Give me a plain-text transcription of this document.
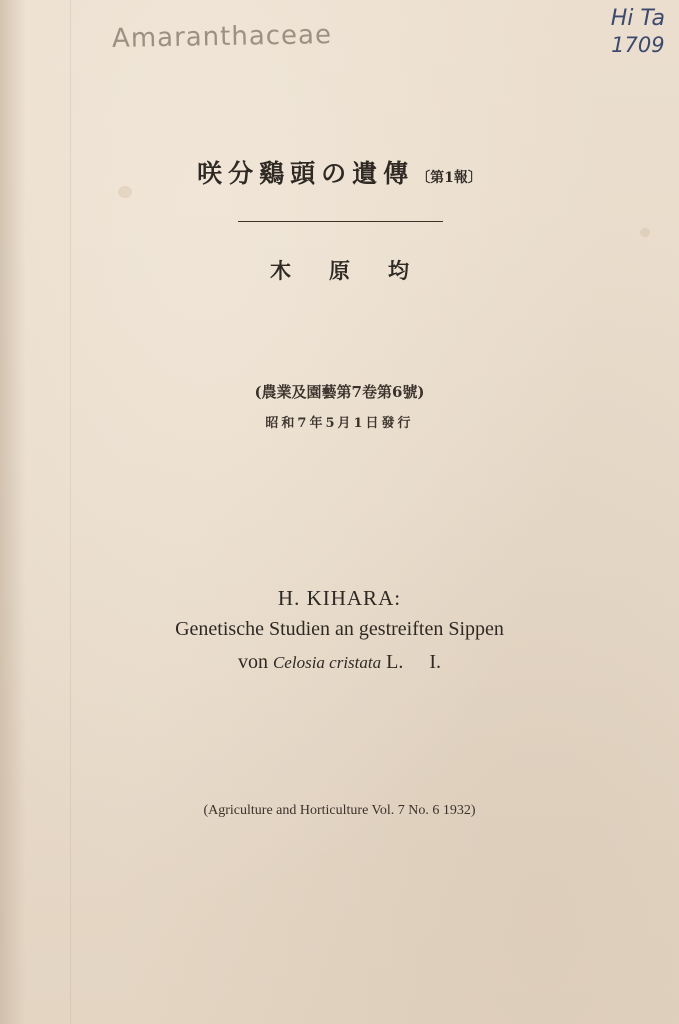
Amaranthaceae
Hi Ta
1709
咲分鷄頭の遺傳 〔第1報〕
木原均
(農業及園藝第7卷第6號)
昭和7年5月1日發行
H. KIHARA:
Genetische Studien an gestreiften Sippen
von Celosia cristata L. I.
(Agriculture and Horticulture Vol. 7 No. 6 1932)
